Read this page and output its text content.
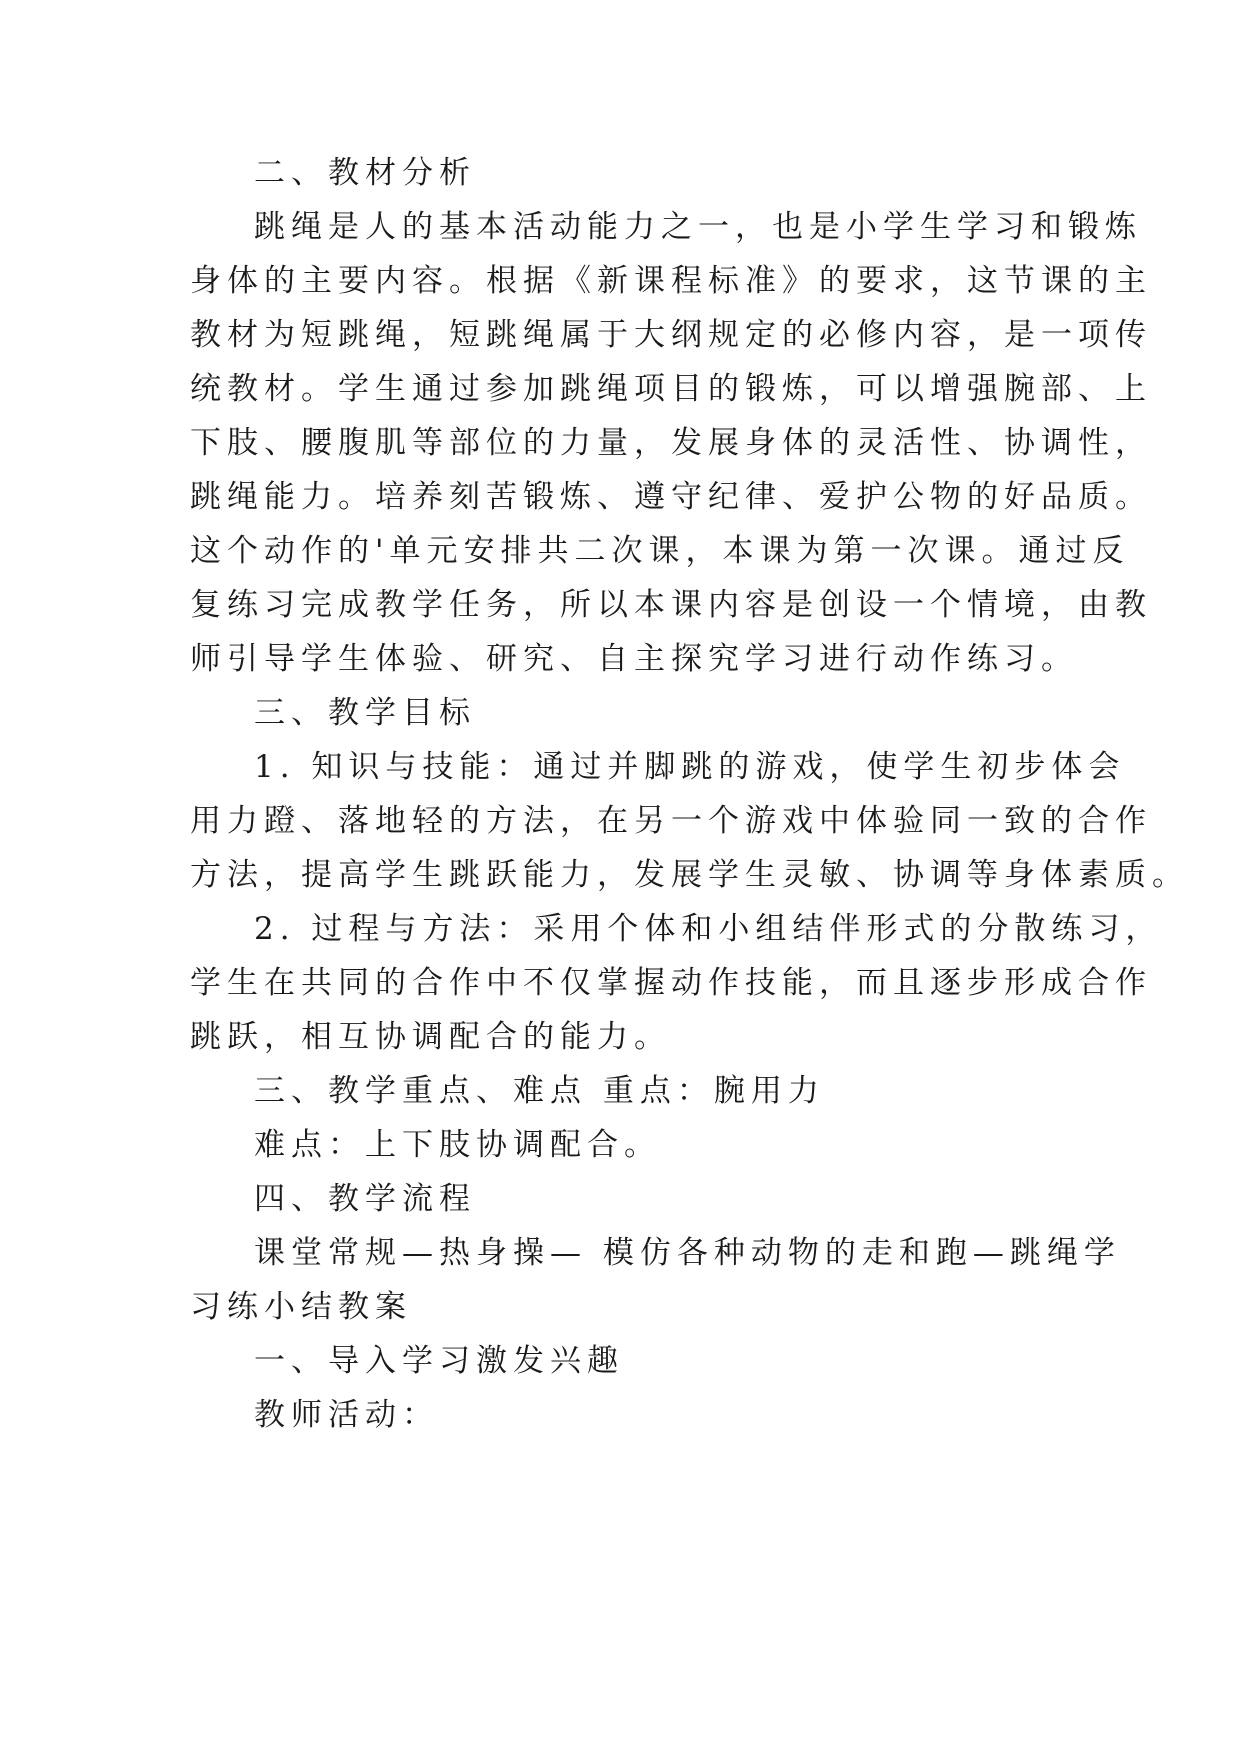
二、教材分析
跳绳是人的基本活动能力之一，也是小学生学习和锻炼
身体的主要内容。根据《新课程标准》的要求，这节课的主
教材为短跳绳，短跳绳属于大纲规定的必修内容，是一项传
统教材。学生通过参加跳绳项目的锻炼，可以增强腕部、上
下肢、腰腹肌等部位的力量，发展身体的灵活性、协调性，
跳绳能力。培养刻苦锻炼、遵守纪律、爱护公物的好品质。
这个动作的'单元安排共二次课，本课为第一次课。通过反
复练习完成教学任务，所以本课内容是创设一个情境，由教
师引导学生体验、研究、自主探究学习进行动作练习。
三、教学目标
1. 知识与技能：通过并脚跳的游戏，使学生初步体会
用力蹬、落地轻的方法，在另一个游戏中体验同一致的合作
方法，提高学生跳跃能力，发展学生灵敏、协调等身体素质。
2. 过程与方法：采用个体和小组结伴形式的分散练习，
学生在共同的合作中不仅掌握动作技能，而且逐步形成合作
跳跃，相互协调配合的能力。
三、教学重点、难点 重点：腕用力
难点：上下肢协调配合。
四、教学流程
课堂常规—热身操— 模仿各种动物的走和跑—跳绳学
习练小结教案
一、导入学习激发兴趣
教师活动：
